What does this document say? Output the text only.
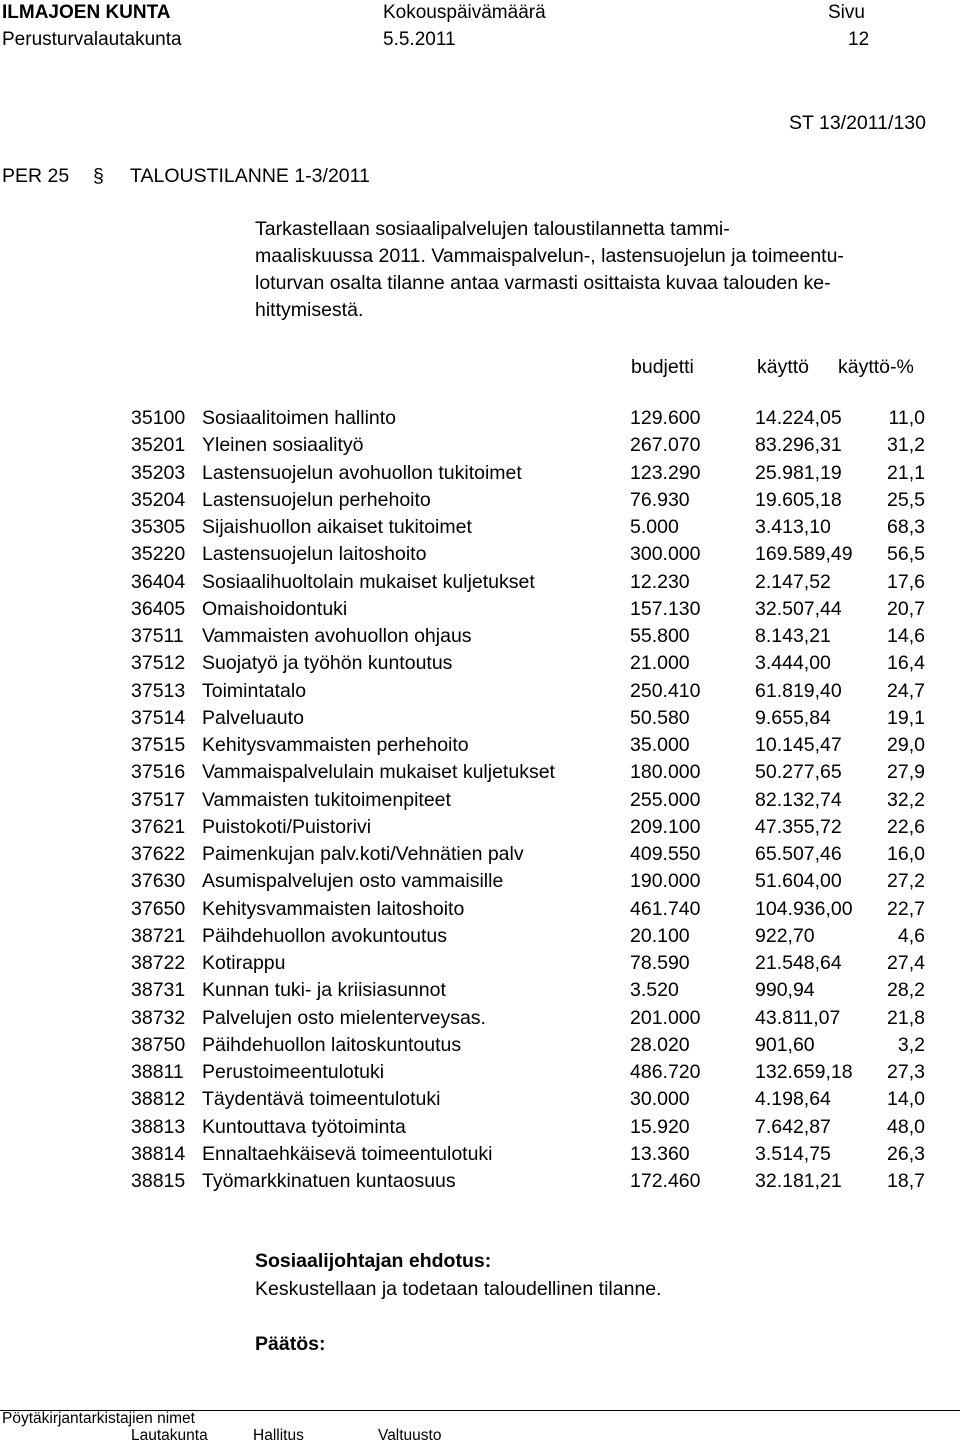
ILMAJOEN KUNTA
Perusturvalautakunta
Kokouspäivämäärä
5.5.2011
Sivu
12
ST 13/2011/130
PER 25 § TALOUSTILANNE 1-3/2011
Tarkastellaan sosiaalipalvelujen taloustilannetta tammi-
maaliskuussa 2011. Vammaispalvelun-, lastensuojelun ja toimeentu-
loturvan osalta tilanne antaa varmasti osittaista kuvaa talouden ke-
hittymisestä.
budjetti	käyttö käyttö-%
35100 Sosiaalitoimen hallinto	129.600	14.224,05 11,0
35201 Yleinen sosiaalityö	267.070	83.296,31 31,2
35203 Lastensuojelun avohuollon tukitoimet	123.290	25.981,19 21,1
35204 Lastensuojelun perhehoito	76.930	19.605,18 25,5
35305 Sijaishuollon aikaiset tukitoimet	5.000	3.413,10	68,3
35220 Lastensuojelun laitoshoito	300.000	169.589,49 56,5
36404 Sosiaalihuoltolain mukaiset kuljetukset	12.230	2.147,52	17,6
36405 Omaishoidontuki	157.130	32.507,44 20,7
37511 Vammaisten avohuollon ohjaus	55.800	8.143,21	14,6
37512 Suojatyö ja työhön kuntoutus	21.000	3.444,00	16,4
37513 Toimintatalo	250.410	61.819,40 24,7
37514 Palveluauto	50.580	9.655,84	19,1
37515 Kehitysvammaisten perhehoito	35.000	10.145,47 29,0
37516 Vammaispalvelulain mukaiset kuljetukset	180.000	50.277,65 27,9
37517 Vammaisten tukitoimenpiteet	255.000	82.132,74 32,2
37621 Puistokoti/Puistorivi	209.100	47.355,72 22,6
37622 Paimenkujan palv.koti/Vehnätien palv	409.550	65.507,46 16,0
37630 Asumispalvelujen osto vammaisille	190.000	51.604,00 27,2
37650 Kehitysvammaisten laitoshoito	461.740	104.936,00 22,7
38721 Päihdehuollon avokuntoutus	20.100	922,70	4,6
38722 Kotirappu	78.590	21.548,64 27,4
38731 Kunnan tuki- ja kriisiasunnot	3.520	990,94	28,2
38732 Palvelujen osto mielenterveysas.	201.000	43.811,07 21,8
38750 Päihdehuollon laitoskuntoutus	28.020	901,60	3,2
38811 Perustoimeentulotuki	486.720	132.659,18 27,3
38812 Täydentävä toimeentulotuki	30.000	4.198,64	14,0
38813 Kuntouttava työtoiminta	15.920	7.642,87	48,0
38814 Ennaltaehkäisevä toimeentulotuki	13.360	3.514,75	26,3
38815 Työmarkkinatuen kuntaosuus	172.460	32.181,21 18,7
Sosiaalijohtajan ehdotus:
Keskustellaan ja todetaan taloudellinen tilanne.
Päätös:
Pöytäkirjantarkistajien nimet
Lautakunta	Hallitus	Valtuusto
